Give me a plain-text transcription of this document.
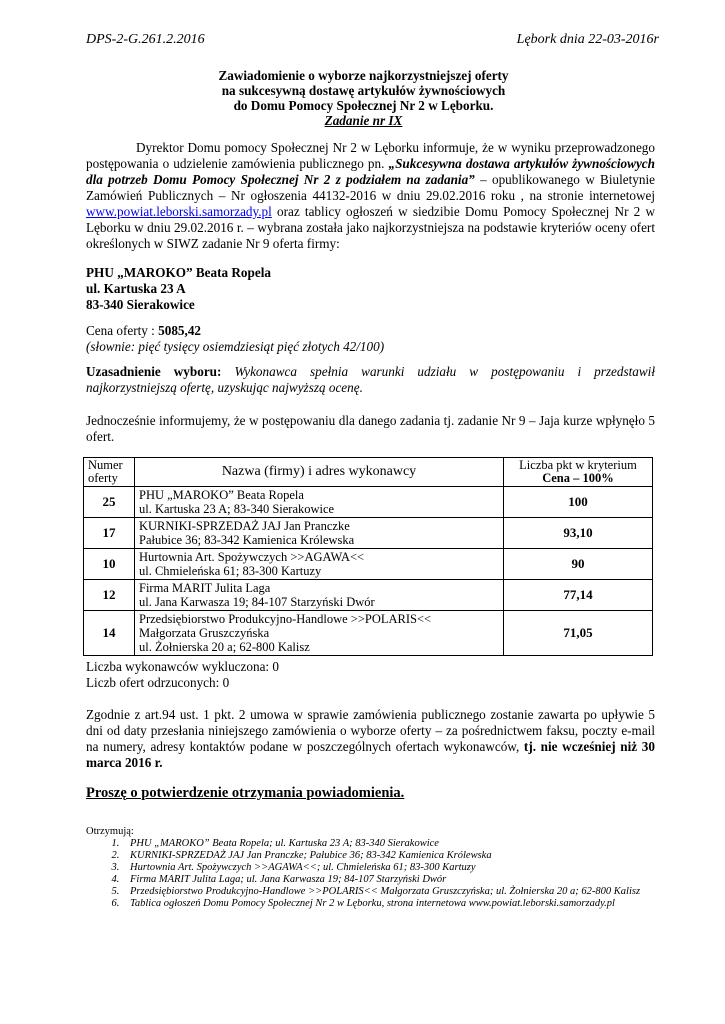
DPS-2-G.261.2.2016	Lębork dnia 22-03-2016r
Zawiadomienie o wyborze najkorzystniejszej oferty
na sukcesywną dostawę artykułów żywnościowych
do Domu Pomocy Społecznej Nr 2 w Lęborku.
Zadanie nr IX
Dyrektor Domu pomocy Społecznej Nr 2 w Lęborku informuje, że w wyniku przeprowadzonego postępowania o udzielenie zamówienia publicznego pn. „Sukcesywna dostawa artykułów żywnościowych dla potrzeb Domu Pomocy Społecznej Nr 2 z podziałem na zadania” – opublikowanego w Biuletynie Zamówień Publicznych – Nr ogłoszenia 44132-2016 w dniu 29.02.2016 roku , na stronie internetowej www.powiat.leborski.samorzady.pl oraz tablicy ogłoszeń w siedzibie Domu Pomocy Społecznej Nr 2 w Lęborku w dniu 29.02.2016 r. – wybrana została jako najkorzystniejsza na podstawie kryteriów oceny ofert określonych w SIWZ zadanie Nr 9 oferta firmy:
PHU „MAROKO” Beata Ropela
ul. Kartuska 23 A
83-340 Sierakowice
Cena oferty : 5085,42
(słownie: pięć tysięcy osiemdziesiąt pięć złotych 42/100)
Uzasadnienie wyboru: Wykonawca spełnia warunki udziału w postępowaniu i przedstawił najkorzystniejszą ofertę, uzyskując najwyższą ocenę.
Jednocześnie informujemy, że w postępowaniu dla danego zadania tj. zadanie Nr 9 – Jaja kurze wpłynęło 5 ofert.
Numer oferty	Nazwa (firmy) i adres wykonawcy	Liczba pkt w kryterium
Cena – 100%

25	PHU „MAROKO” Beata Ropela
ul. Kartuska 23 A; 83-340 Sierakowice	100
17	KURNIKI-SPRZEDAŻ JAJ Jan Pranczke
Pałubice 36; 83-342 Kamienica Królewska	93,10
10	Hurtownia Art. Spożywczych >>AGAWA<<
ul. Chmieleńska 61; 83-300 Kartuzy	90
12	Firma MARIT Julita Laga
ul. Jana Karwasza 19; 84-107 Starzyński Dwór	77,14
14	Przedsiębiorstwo Produkcyjno-Handlowe >>POLARIS<<
Małgorzata Gruszczyńska
ul. Żołnierska 20 a; 62-800 Kalisz	71,05
Liczba wykonawców wykluczona: 0
Liczb ofert odrzuconych: 0
Zgodnie z art.94 ust. 1 pkt. 2 umowa w sprawie zamówienia publicznego zostanie zawarta po upływie 5 dni od daty przesłania niniejszego zamówienia o wyborze oferty – za pośrednictwem faksu, poczty e-mail na numery, adresy kontaktów podane w poszczególnych ofertach wykonawców, tj. nie wcześniej niż 30 marca 2016 r.
Proszę o potwierdzenie otrzymania powiadomienia.
Otrzymują:
1. PHU „MAROKO” Beata Ropela; ul. Kartuska 23 A; 83-340 Sierakowice
2. KURNIKI-SPRZEDAŻ JAJ Jan Pranczke; Pałubice 36; 83-342 Kamienica Królewska
3. Hurtownia Art. Spożywczych >>AGAWA<<; ul. Chmieleńska 61; 83-300 Kartuzy
4. Firma MARIT Julita Laga; ul. Jana Karwasza 19; 84-107 Starzyński Dwór
5. Przedsiębiorstwo Produkcyjno-Handlowe >>POLARIS<< Małgorzata Gruszczyńska; ul. Żołnierska 20 a; 62-800 Kalisz
6. Tablica ogłoszeń Domu Pomocy Społecznej Nr 2 w Lęborku, strona internetowa www.powiat.leborski.samorzady.pl
